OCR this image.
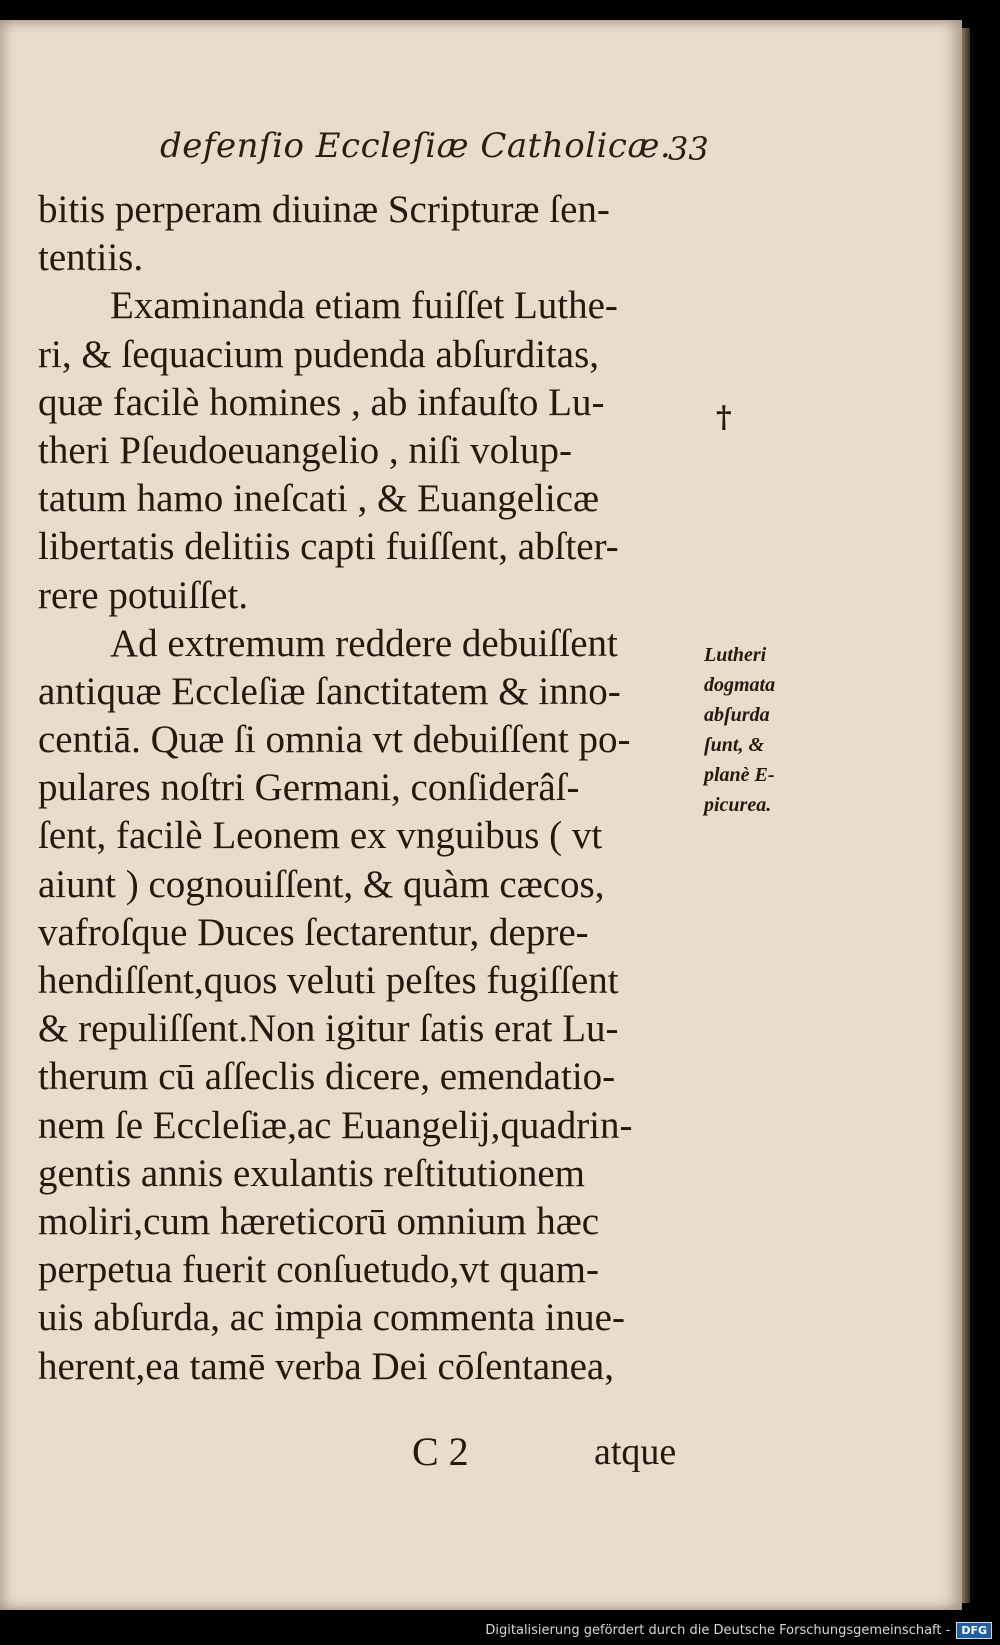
defenſio Eccleſiæ Catholicæ.
33
bitis perperam diuinæ Scripturæ ſen-
tentiis.
Examinanda etiam fuiſſet Luthe-
ri, & ſequacium pudenda abſurditas,
quæ facilè homines , ab infauſto Lu-
theri Pſeudoeuangelio , niſi volup-
tatum hamo ineſcati , & Euangelicæ
libertatis delitiis capti fuiſſent, abſter-
rere potuiſſet.
Ad extremum reddere debuiſſent
antiquæ Eccleſiæ ſanctitatem & inno-
centiā. Quæ ſi omnia vt debuiſſent po-
pulares noſtri Germani, conſiderâſ-
ſent, facilè Leonem ex vnguibus ( vt
aiunt ) cognouiſſent, & quàm cæcos,
vafroſque Duces ſectarentur, depre-
hendiſſent,quos veluti peſtes fugiſſent
& repuliſſent.Non igitur ſatis erat Lu-
therum cū aſſeclis dicere, emendatio-
nem ſe Eccleſiæ,ac Euangelij,quadrin-
gentis annis exulantis reſtitutionem
moliri,cum hæreticorū omnium hæc
perpetua fuerit conſuetudo,vt quam-
uis abſurda, ac impia commenta inue-
herent,ea tamē verba Dei cōſentanea,
†
Lutheri
dogmata
abſurda
ſunt, &
planè E-
picurea.
C 2	atque
Digitalisierung gefördert durch die Deutsche Forschungsgemeinschaft -	DFG
